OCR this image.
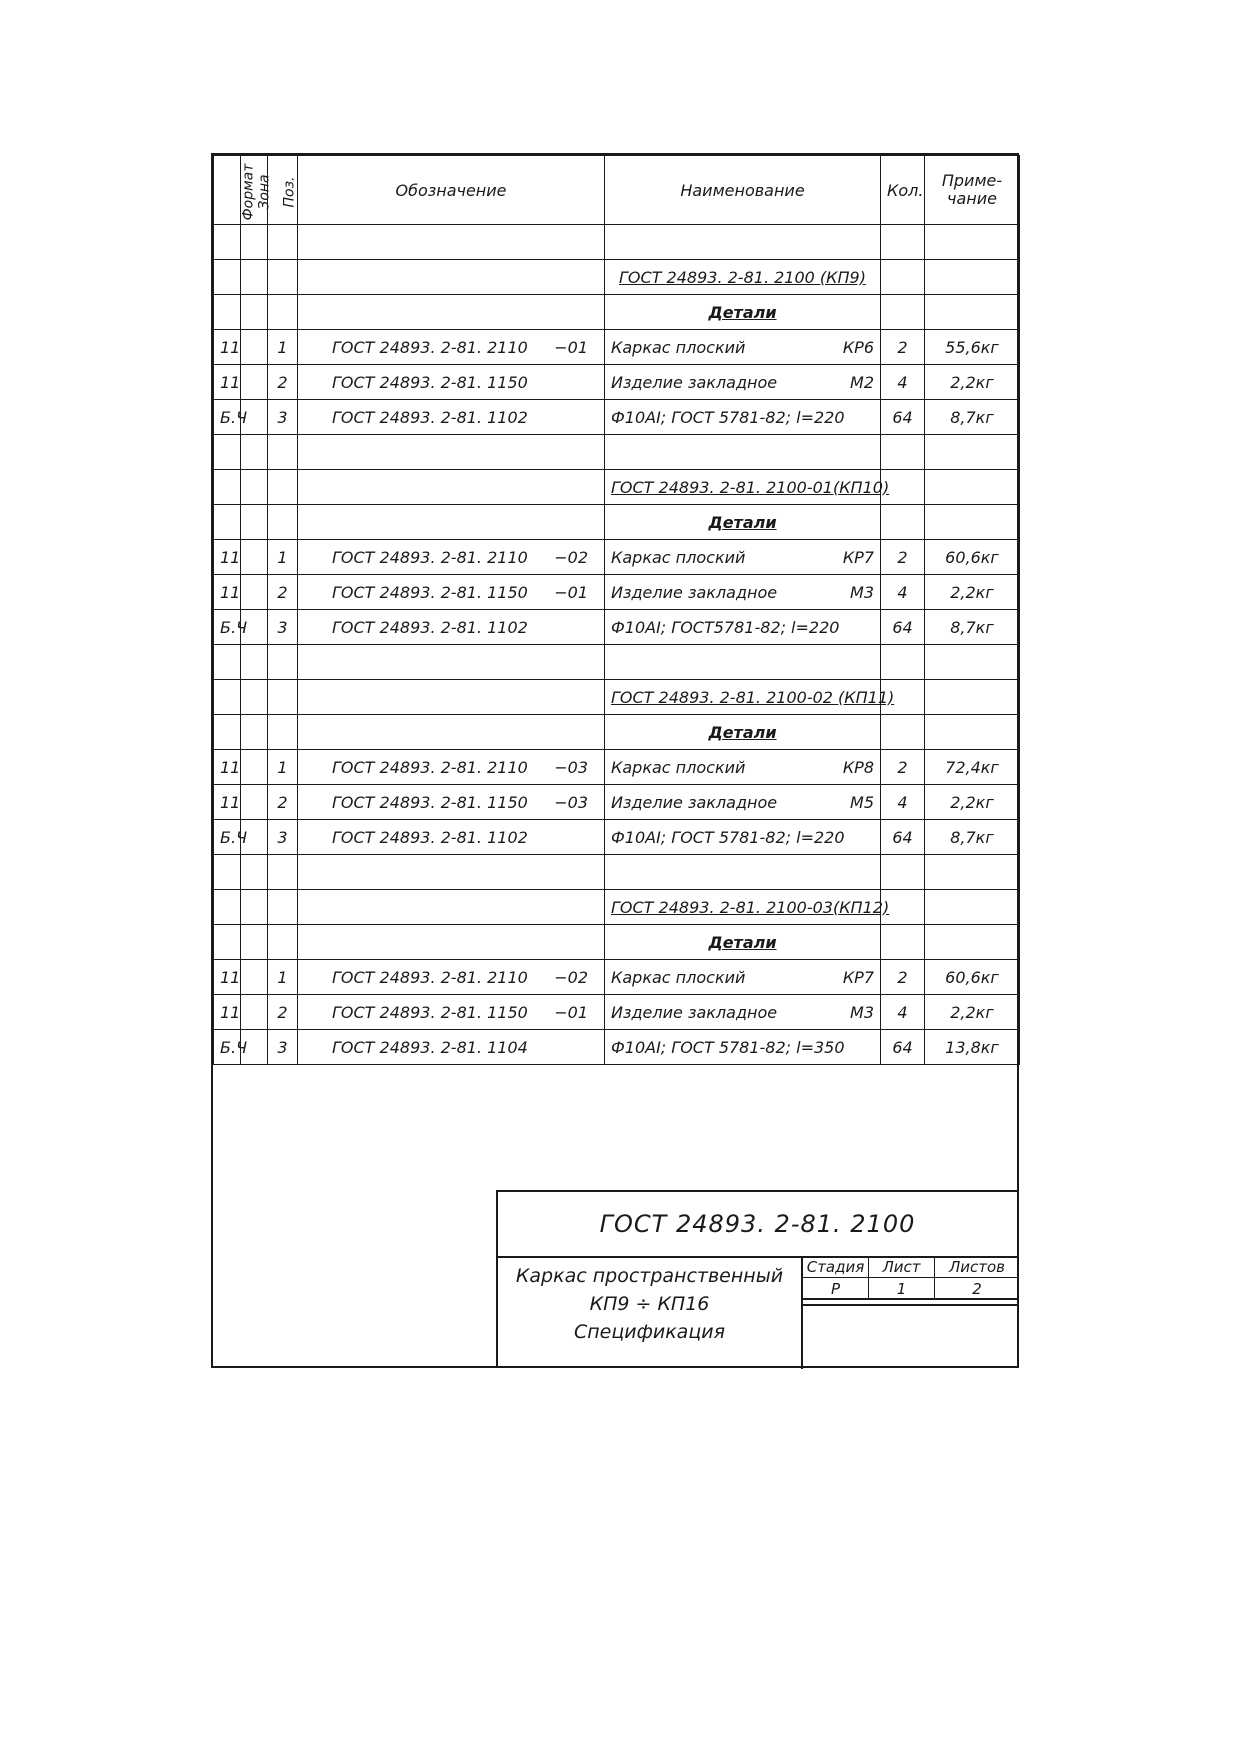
Формат	Зона	Поз.	Обозначение	Наименование	Кол.	Приме-
чание

				ГОСТ 24893. 2-81. 2100 (КП9)		

				Детали		

11		1	ГОСТ 24893. 2-81. 2110 −01	Каркас плоский КР6	2	55,6кг
11		2	ГОСТ 24893. 2-81. 1150	Изделие закладное М2	4	2,2кг
Б.Ч		3	ГОСТ 24893. 2-81. 1102	Ф10АI; ГОСТ 5781-82; l=220	64	8,7кг

				ГОСТ 24893. 2-81. 2100-01(КП10)		

				Детали		

11		1	ГОСТ 24893. 2-81. 2110 −02	Каркас плоский КР7	2	60,6кг
11		2	ГОСТ 24893. 2-81. 1150 −01	Изделие закладное М3	4	2,2кг
Б.Ч		3	ГОСТ 24893. 2-81. 1102	Ф10АI; ГОСТ5781-82; l=220	64	8,7кг

				ГОСТ 24893. 2-81. 2100-02 (КП11)		

				Детали		

11		1	ГОСТ 24893. 2-81. 2110 −03	Каркас плоский КР8	2	72,4кг
11		2	ГОСТ 24893. 2-81. 1150 −03	Изделие закладное М5	4	2,2кг
Б.Ч		3	ГОСТ 24893. 2-81. 1102	Ф10АI; ГОСТ 5781-82; l=220	64	8,7кг

				ГОСТ 24893. 2-81. 2100-03(КП12)		

				Детали		

11		1	ГОСТ 24893. 2-81. 2110 −02	Каркас плоский КР7	2	60,6кг
11		2	ГОСТ 24893. 2-81. 1150 −01	Изделие закладное М3	4	2,2кг
Б.Ч		3	ГОСТ 24893. 2-81. 1104	Ф10АI; ГОСТ 5781-82; l=350	64	13,8кг
ГОСТ 24893. 2-81. 2100
Каркас пространственный
КП9 ÷ КП16
Спецификация
Стадия	Лист	Листов
Р	1	2
